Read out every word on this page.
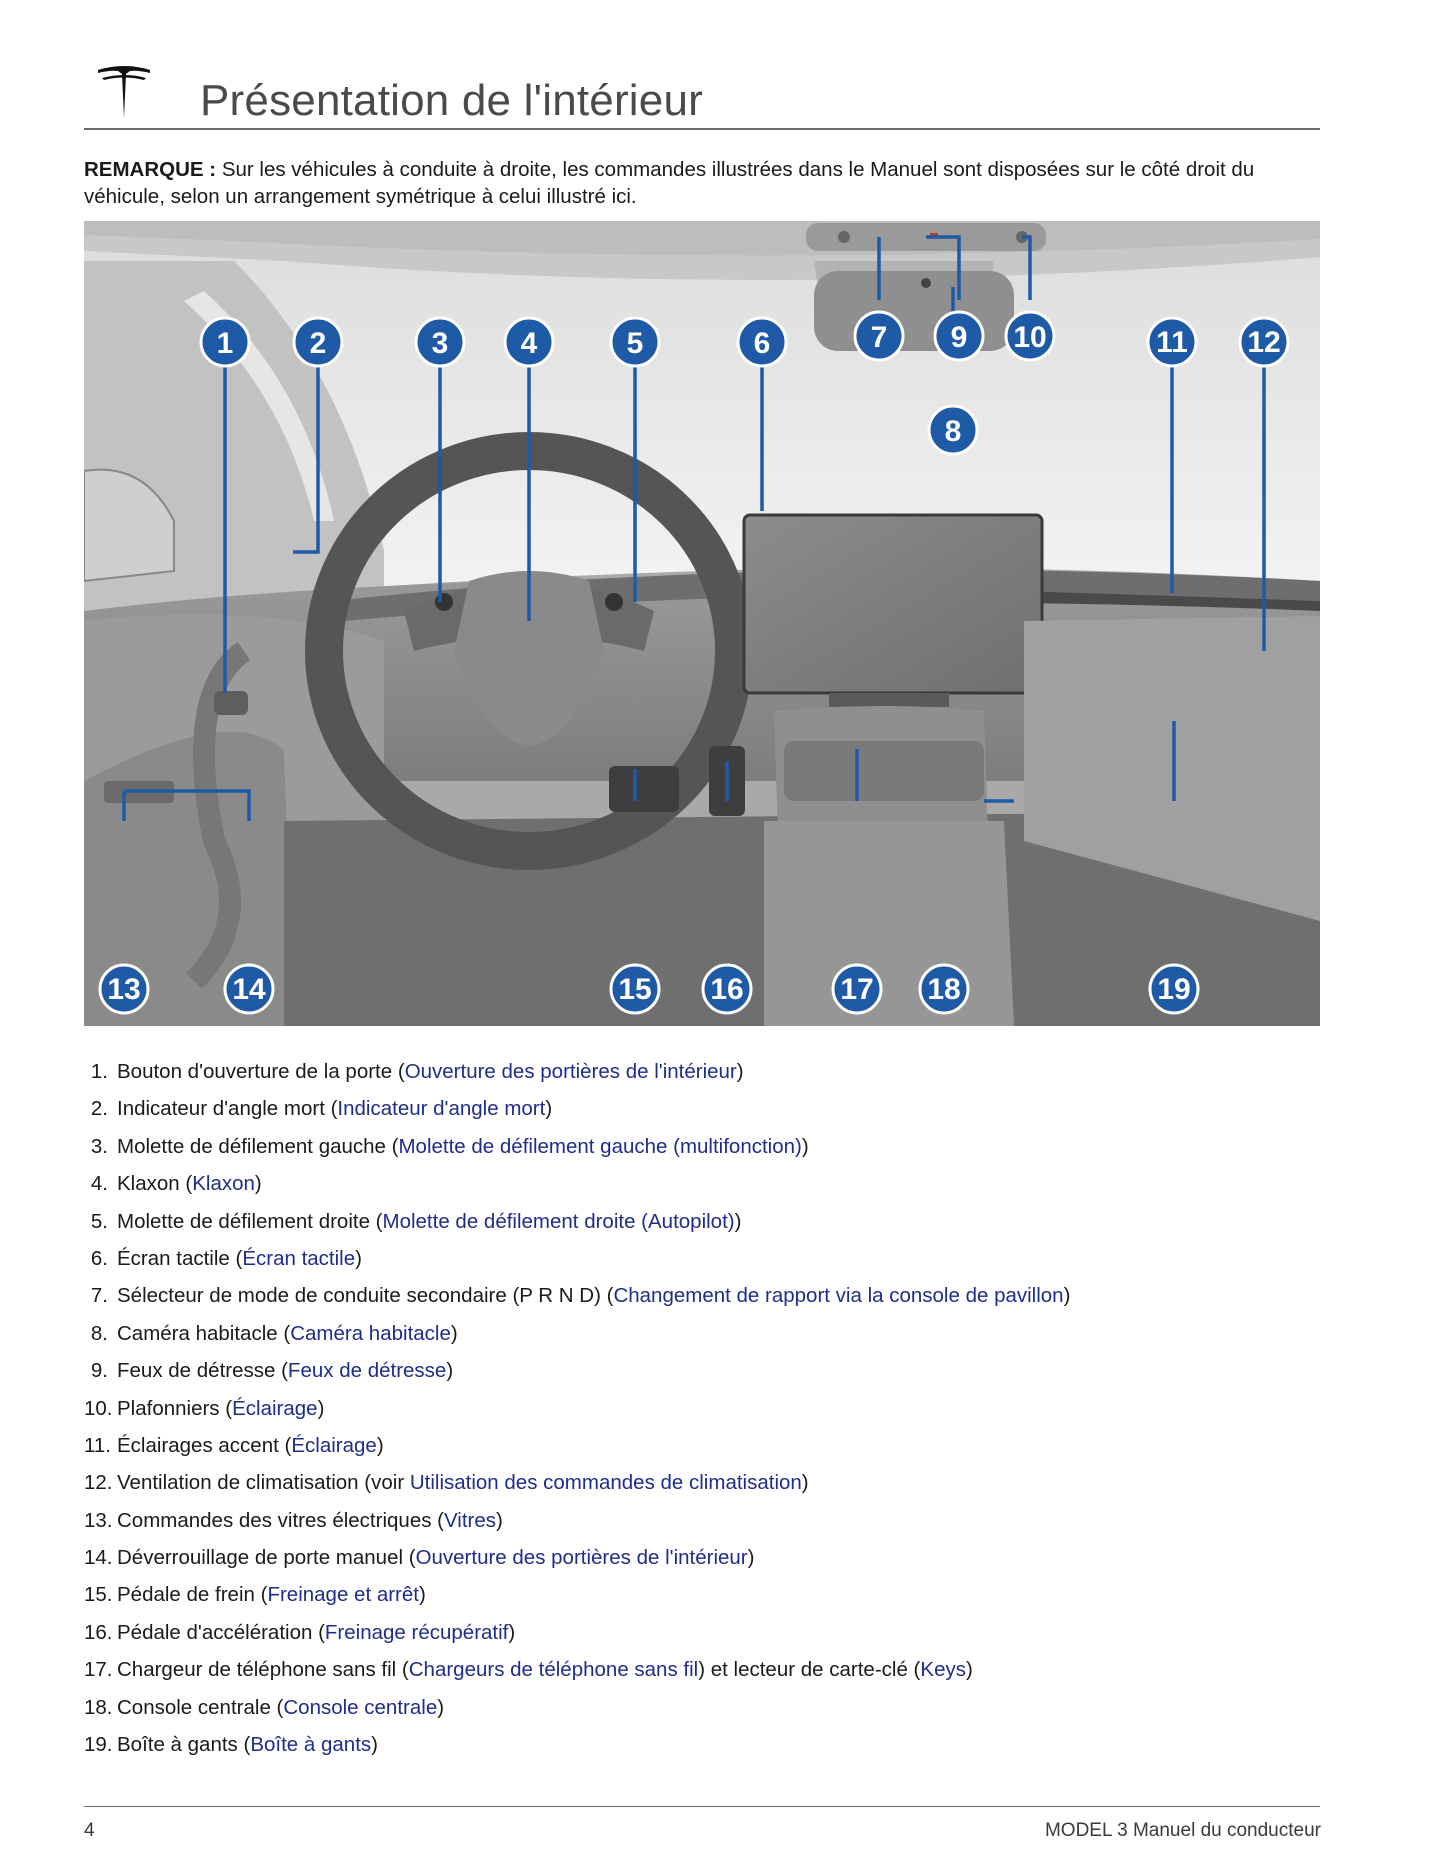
Présentation de l'intérieur
REMARQUE : Sur les véhicules à conduite à droite, les commandes illustrées dans le Manuel sont disposées sur le côté droit du véhicule, selon un arrangement symétrique à celui illustré ici.
1	2	3 4	5	6	7
8
9 10	11 12
13	14	15 16	17 18	19
1. Bouton d'ouverture de la porte (Ouverture des portières de l'intérieur)
2. Indicateur d'angle mort (Indicateur d'angle mort)
3. Molette de défilement gauche (Molette de défilement gauche (multifonction))
4. Klaxon (Klaxon)
5. Molette de défilement droite (Molette de défilement droite (Autopilot))
6. Écran tactile (Écran tactile)
7. Sélecteur de mode de conduite secondaire (P R N D) (Changement de rapport via la console de pavillon)
8. Caméra habitacle (Caméra habitacle)
9. Feux de détresse (Feux de détresse)
10. Plafonniers (Éclairage)
11. Éclairages accent (Éclairage)
12. Ventilation de climatisation (voir Utilisation des commandes de climatisation)
13. Commandes des vitres électriques (Vitres)
14. Déverrouillage de porte manuel (Ouverture des portières de l'intérieur)
15. Pédale de frein (Freinage et arrêt)
16. Pédale d'accélération (Freinage récupératif)
17. Chargeur de téléphone sans fil (Chargeurs de téléphone sans fil) et lecteur de carte-clé (Keys)
18. Console centrale (Console centrale)
19. Boîte à gants (Boîte à gants)
4	MODEL 3 Manuel du conducteur
